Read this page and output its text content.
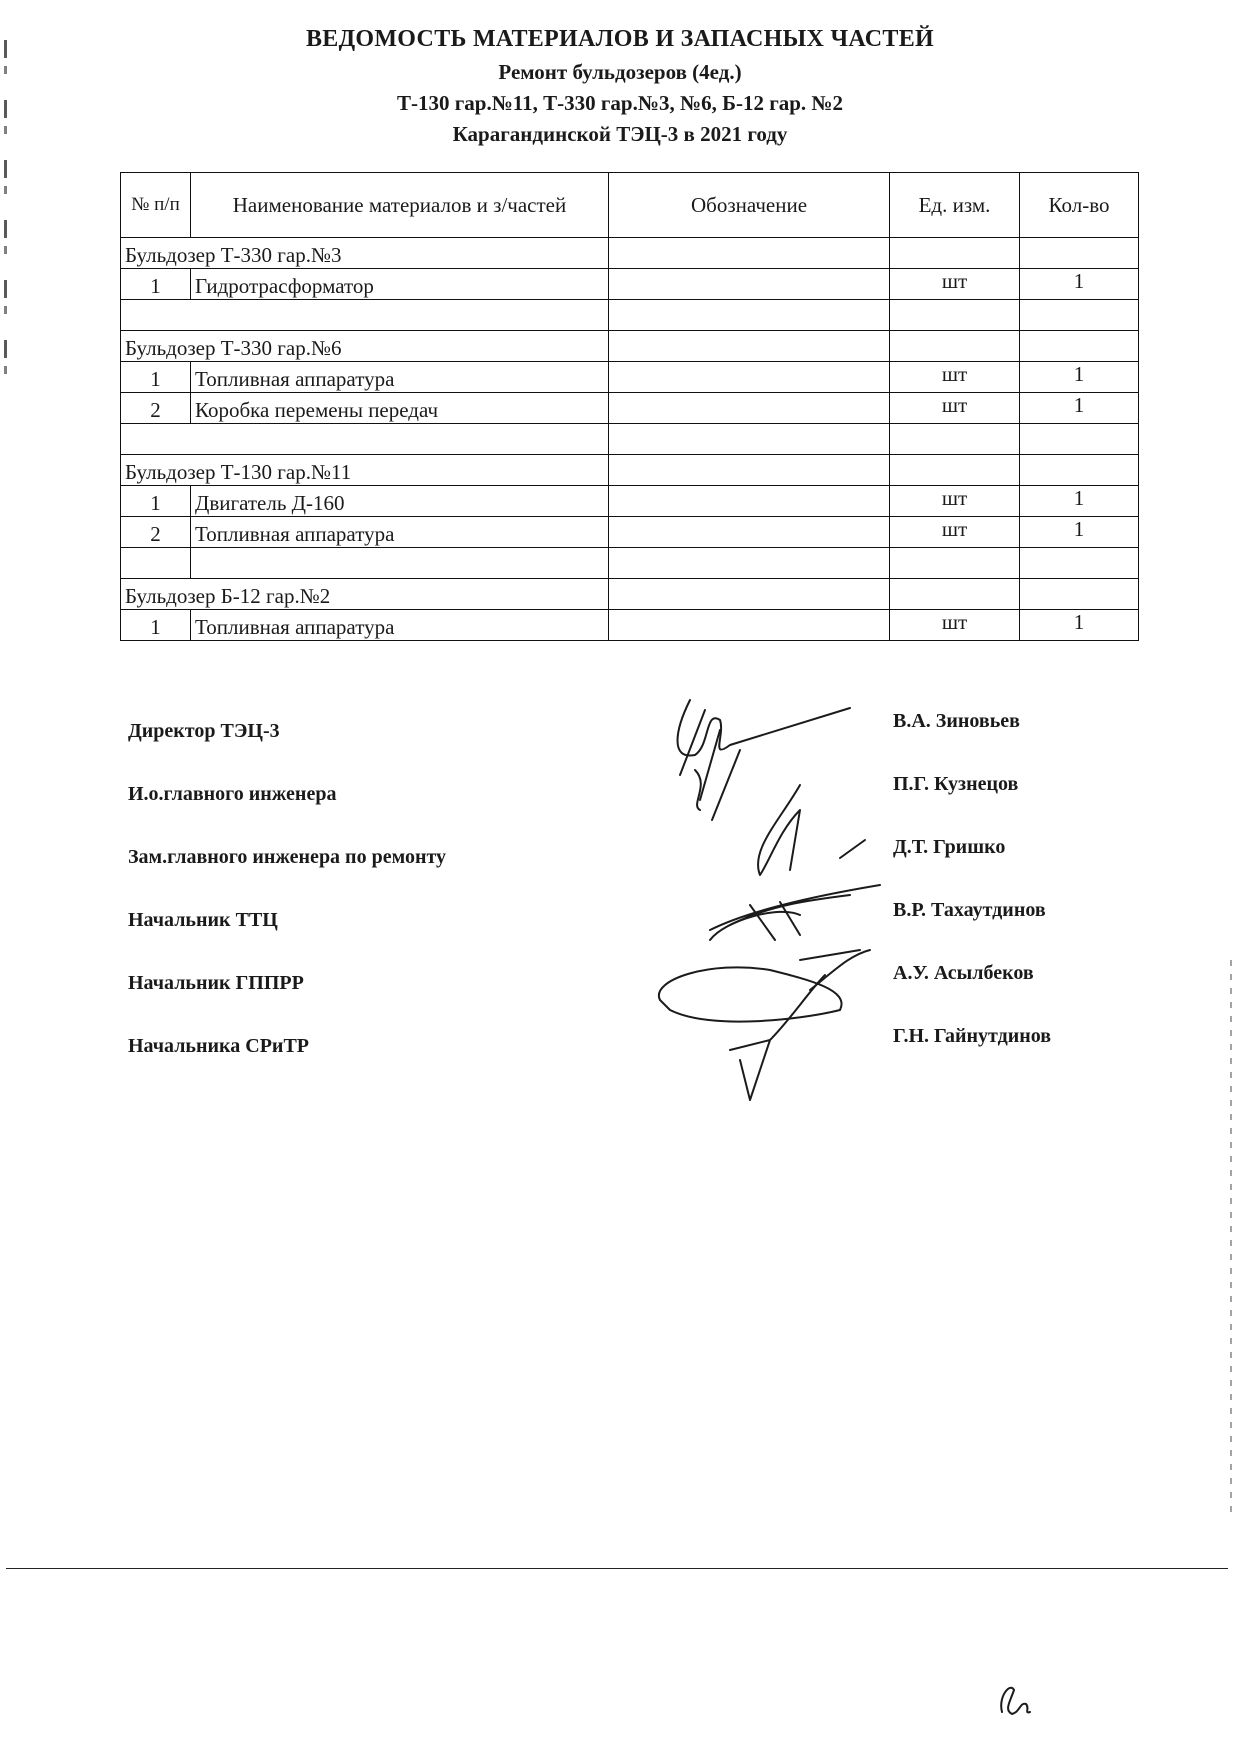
ВЕДОМОСТЬ МАТЕРИАЛОВ И ЗАПАСНЫХ ЧАСТЕЙ
Ремонт бульдозеров (4ед.)
Т-130 гар.№11, Т-330 гар.№3, №6, Б-12 гар. №2
Карагандинской ТЭЦ-3 в 2021 году
№ п/п	Наименование материалов и з/частей	Обозначение	Ед. изм.	Кол-во
Бульдозер Т-330 гар.№3				
1	Гидротрасформатор		шт	1

Бульдозер Т-330 гар.№6				
1	Топливная аппаратура		шт	1
2	Коробка перемены передач		шт	1

Бульдозер Т-130 гар.№11				
1	Двигатель Д-160		шт	1
2	Топливная аппаратура		шт	1

Бульдозер Б-12 гар.№2				
1	Топливная аппаратура		шт	1
Директор ТЭЦ-3
И.о.главного инженера
Зам.главного инженера по ремонту
Начальник ТТЦ
Начальник ГППРР
Начальника СРиТР
В.А. Зиновьев
П.Г. Кузнецов
Д.Т. Гришко
В.Р. Тахаутдинов
А.У. Асылбеков
Г.Н. Гайнутдинов
